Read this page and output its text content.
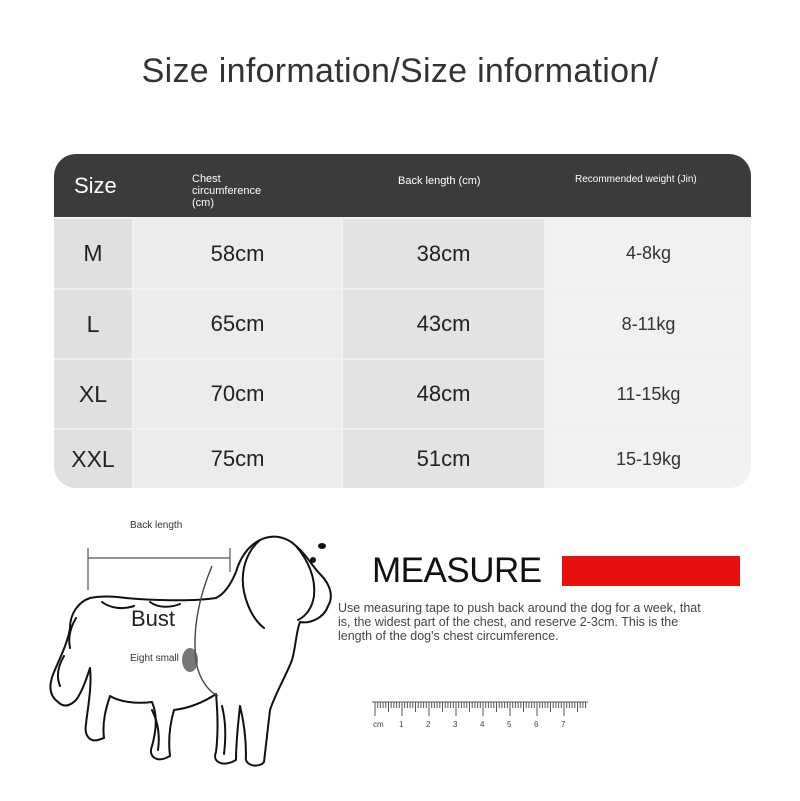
Size information/Size information/
Size	Chest
circumference
(cm)
Back length (cm)	Recommended weight (Jin)
M	58cm	38cm	4-8kg
L	65cm	43cm	8-11kg
XL	70cm	48cm	11-15kg
XXL	75cm	51cm	15-19kg
Back length
Bust
Eight small
MEASURE
Use measuring tape to push back around the dog for a week, that is, the widest part of the chest, and reserve 2-3cm. This is the length of the dog's chest circumference.
cm 1	2	3	4	5	6	7
